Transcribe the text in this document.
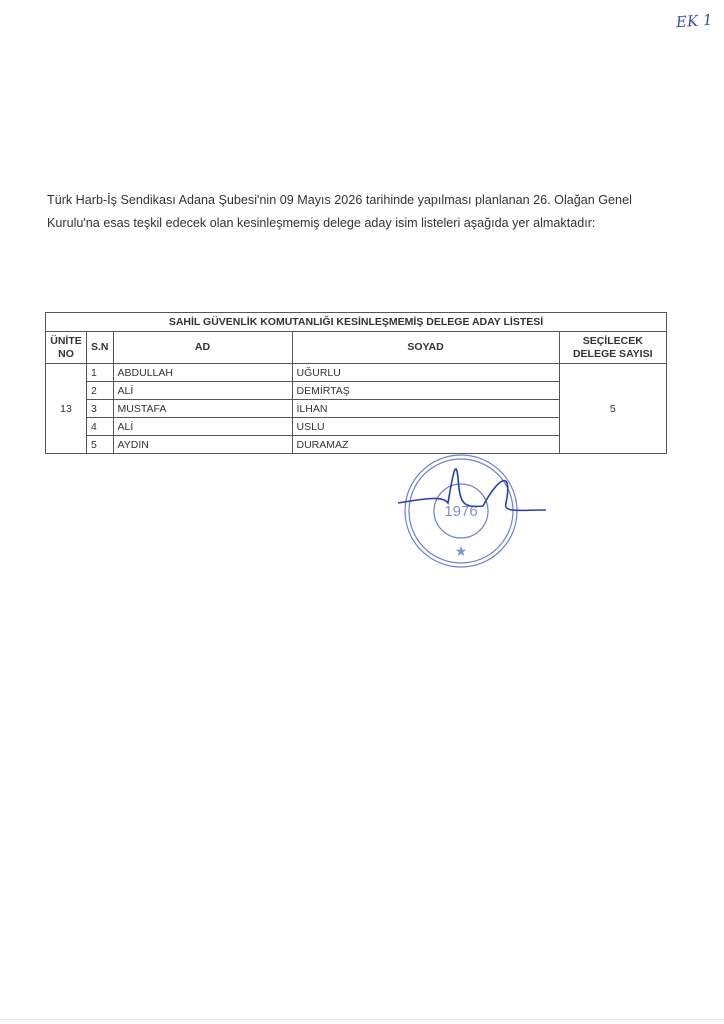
EK 1

Türk Harb-İş Sendikası Adana Şubesi'nin 09 Mayıs 2026 tarihinde yapılması planlanan 26. Olağan Genel Kurulu'na esas teşkil edecek olan kesinleşmemiş delege aday isim listeleri aşağıda yer almaktadır:

SAHİL GÜVENLİK KOMUTANLIĞI KESİNLEŞMEMİŞ DELEGE ADAY LİSTESİ				
ÜNİTE NO	S.N	AD	SOYAD	SEÇİLECEK DELEGE SAYISI
13	1	ABDULLAH	UĞURLU	5
	2	ALİ	DEMİRTAŞ	
	3	MUSTAFA	İLHAN	
	4	ALİ	USLU	
	5	AYDIN	DURAMAZ	
1976
★
